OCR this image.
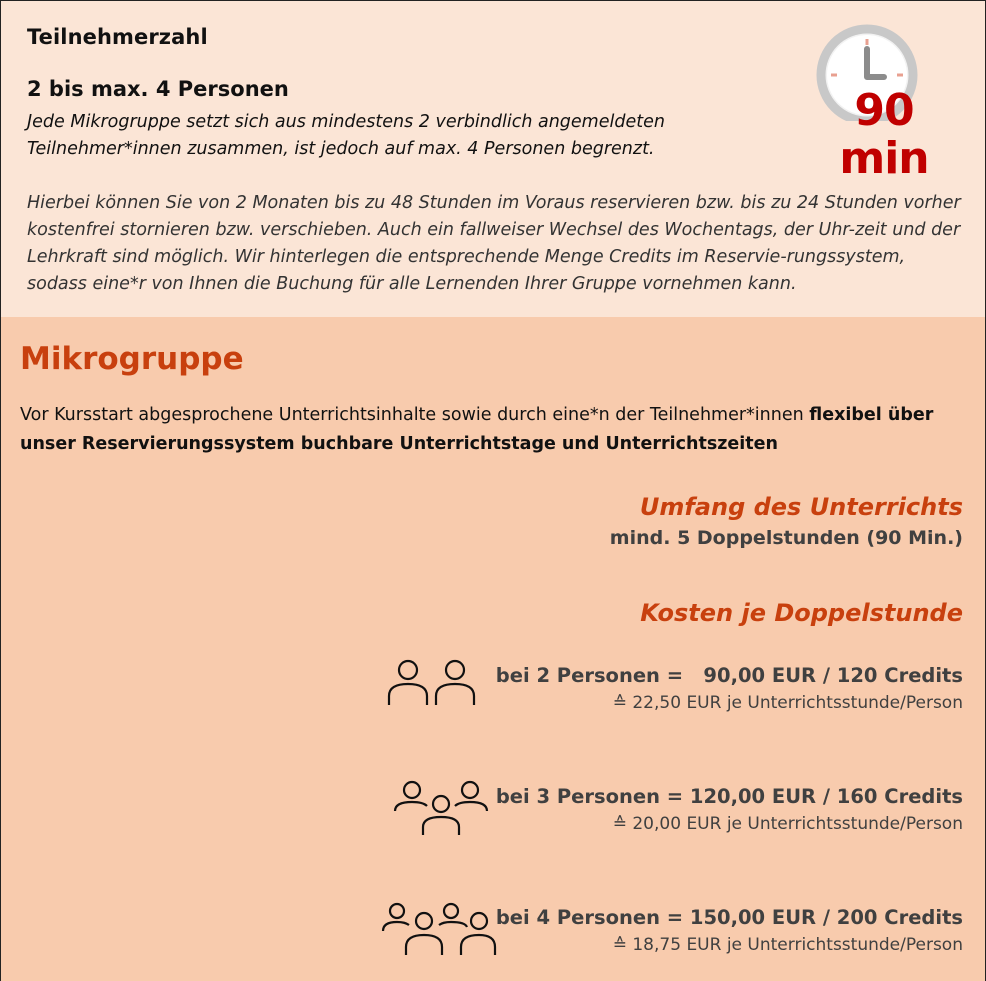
Teilnehmerzahl
2 bis max. 4 Personen
Jede Mikrogruppe setzt sich aus mindestens 2 verbindlich angemeldeten Teilnehmer*innen zusammen, ist jedoch auf max. 4 Personen begrenzt.
Hierbei können Sie von 2 Monaten bis zu 48 Stunden im Voraus reservieren bzw. bis zu 24 Stunden vorher kostenfrei stornieren bzw. verschieben. Auch ein fallweiser Wechsel des Wochentags, der Uhr-zeit und der Lehrkraft sind möglich. Wir hinterlegen die entsprechende Menge Credits im Reservie-rungssystem, sodass eine*r von Ihnen die Buchung für alle Lernenden Ihrer Gruppe vornehmen kann.
90 min
Mikrogruppe
Vor Kursstart abgesprochene Unterrichtsinhalte sowie durch eine*n der Teilnehmer*innen flexibel über unser Reservierungssystem buchbare Unterrichtstage und Unterrichtszeiten
Umfang des Unterrichts
mind. 5 Doppelstunden (90 Min.)
Kosten je Doppelstunde
bei 2 Personen =   90,00 EUR / 120 Credits
≙ 22,50 EUR je Unterrichtsstunde/Person
bei 3 Personen = 120,00 EUR / 160 Credits
≙ 20,00 EUR je Unterrichtsstunde/Person
bei 4 Personen = 150,00 EUR / 200 Credits
≙ 18,75 EUR je Unterrichtsstunde/Person
